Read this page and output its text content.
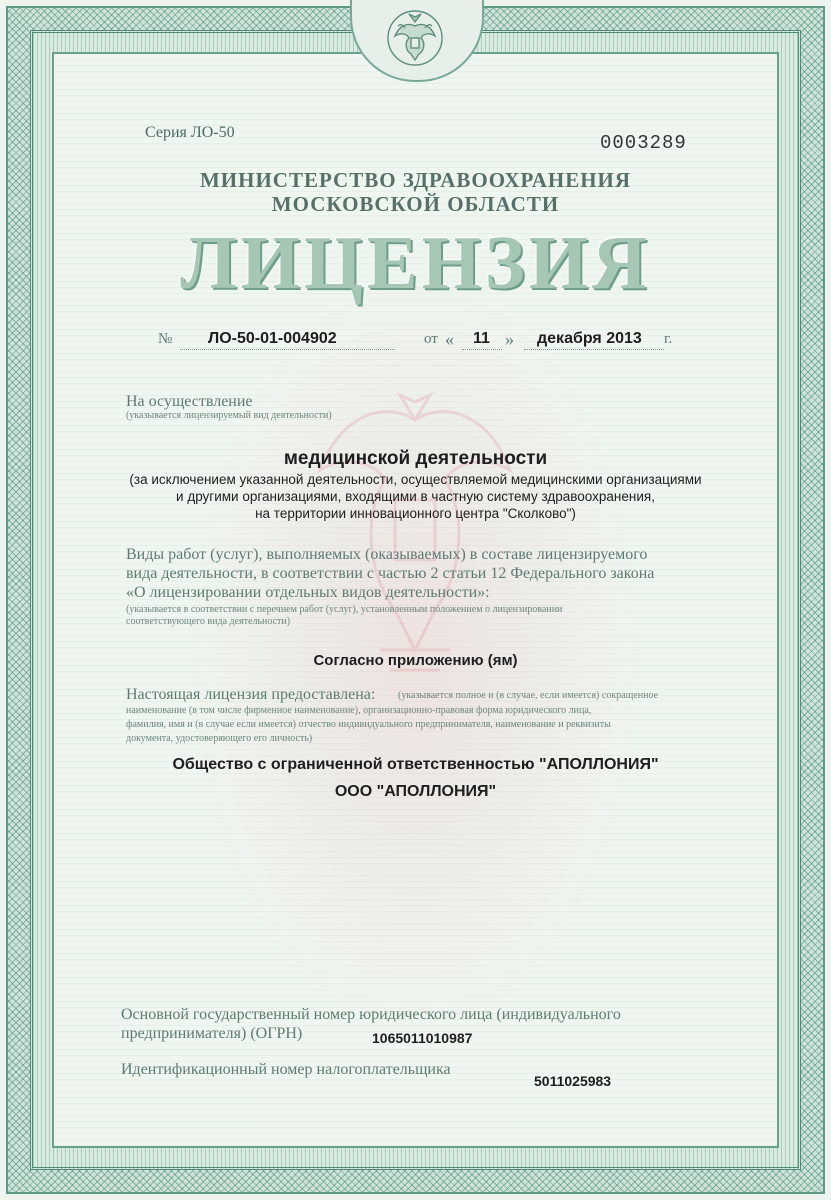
Серия ЛО-50	0003289
МИНИСТЕРСТВО ЗДРАВООХРАНЕНИЯ
МОСКОВСКОЙ ОБЛАСТИ
ЛИЦЕНЗИЯ
№ ЛО-50-01-004902	от « 11 » декабря 2013 г.
На осуществление
(указывается лицензируемый вид деятельности)
медицинской деятельности
(за исключением указанной деятельности, осуществляемой медицинскими организациями
и другими организациями, входящими в частную систему здравоохранения,
на территории инновационного центра "Сколково")
Виды работ (услуг), выполняемых (оказываемых) в составе лицензируемого
вида деятельности, в соответствии с частью 2 статьи 12 Федерального закона
«О лицензировании отдельных видов деятельности»:
(указывается в соответствии с перечнем работ (услуг), установленным положением о лицензировании
соответствующего вида деятельности)
Согласно приложению (ям)
Настоящая лицензия предоставлена: (указывается полное и (в случае, если имеется) сокращенное
наименование (в том числе фирменное наименование), организационно-правовая форма юридического лица,
фамилия, имя и (в случае если имеется) отчество индивидуального предпринимателя, наименование и реквизиты
документа, удостоверяющего его личность)
Общество с ограниченной ответственностью "АПОЛЛОНИЯ"
ООО "АПОЛЛОНИЯ"
Основной государственный номер юридического лица (индивидуального
предпринимателя) (ОГРН)	1065011010987
Идентификационный номер налогоплательщика
5011025983
